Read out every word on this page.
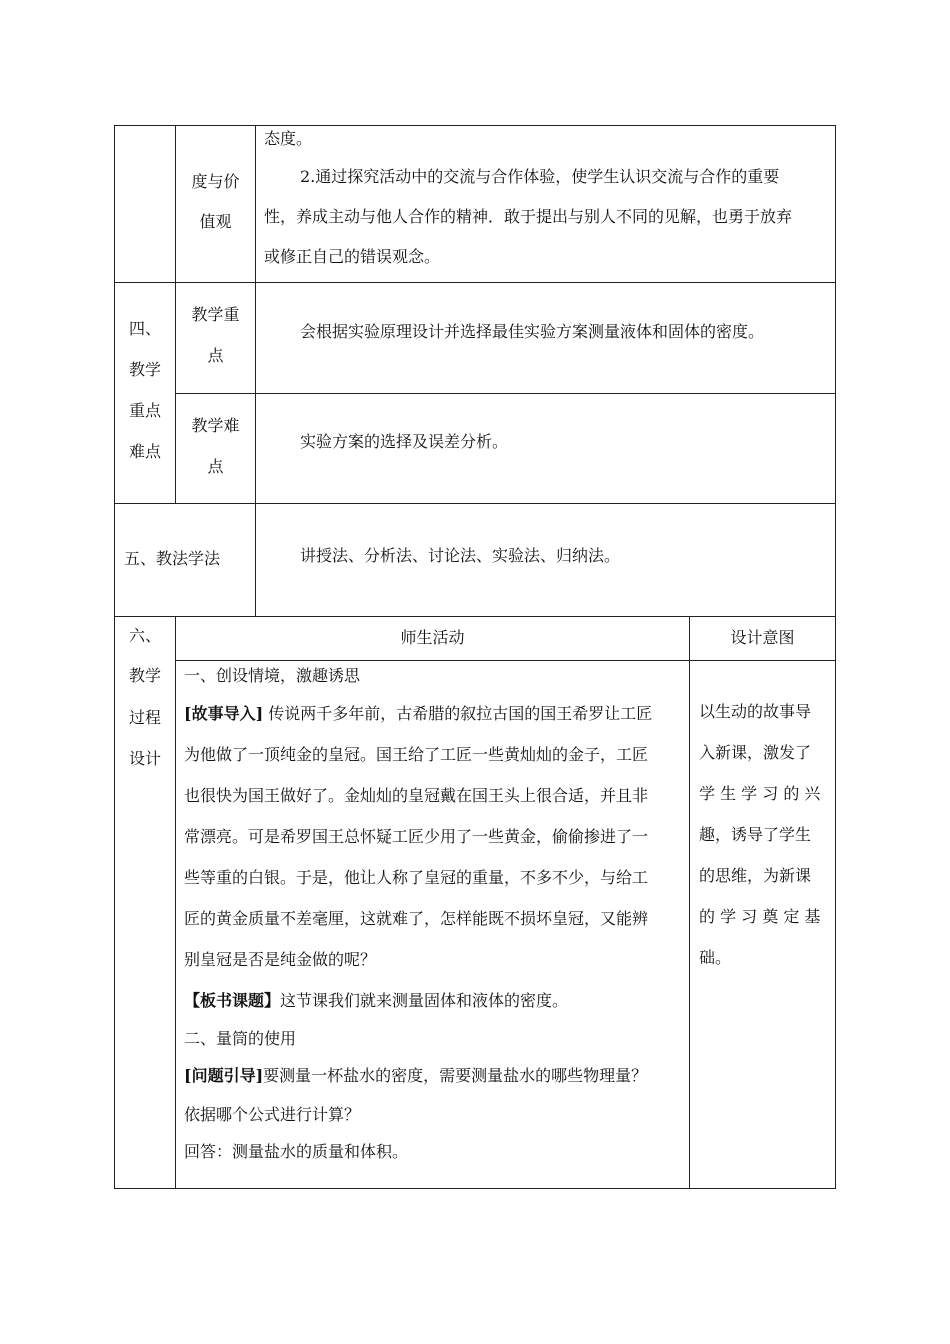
度与价
值观
态度。
2.通过探究活动中的交流与合作体验，使学生认识交流与合作的重要
性，养成主动与他人合作的精神．敢于提出与别人不同的见解，也勇于放弃
或修正自己的错误观念。
四、
教学
重点
难点
教学重
点
会根据实验原理设计并选择最佳实验方案测量液体和固体的密度。
教学难
点
实验方案的选择及误差分析。
五、教法学法	讲授法、分析法、讨论法、实验法、归纳法。
六、
教学
过程
设计
师生活动	设计意图
一、创设情境，激趣诱思
[故事导入] 传说两千多年前，古希腊的叙拉古国的国王希罗让工匠
为他做了一顶纯金的皇冠。国王给了工匠一些黄灿灿的金子，工匠
也很快为国王做好了。金灿灿的皇冠戴在国王头上很合适，并且非
常漂亮。可是希罗国王总怀疑工匠少用了一些黄金，偷偷掺进了一
些等重的白银。于是，他让人称了皇冠的重量，不多不少，与给工
匠的黄金质量不差毫厘，这就难了，怎样能既不损坏皇冠，又能辨
别皇冠是否是纯金做的呢？
【板书课题】这节课我们就来测量固体和液体的密度。
二、量筒的使用
[问题引导]要测量一杯盐水的密度，需要测量盐水的哪些物理量？
依据哪个公式进行计算？
回答：测量盐水的质量和体积。
以生动的故事导
入新课，激发了
学 生 学 习 的 兴
趣，诱导了学生
的思维，为新课
的 学 习 奠 定 基
础。
